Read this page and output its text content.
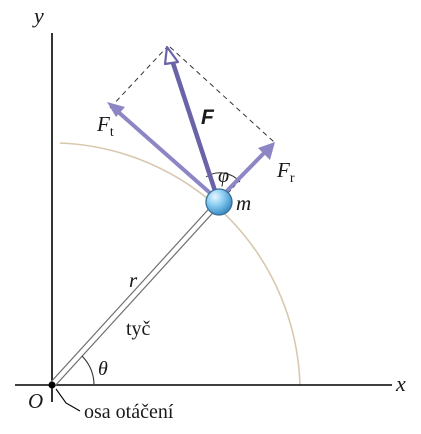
y
x
O
r
tyč
θ
φ
m
F
$F_t$
$F_r$
osa otáčení
